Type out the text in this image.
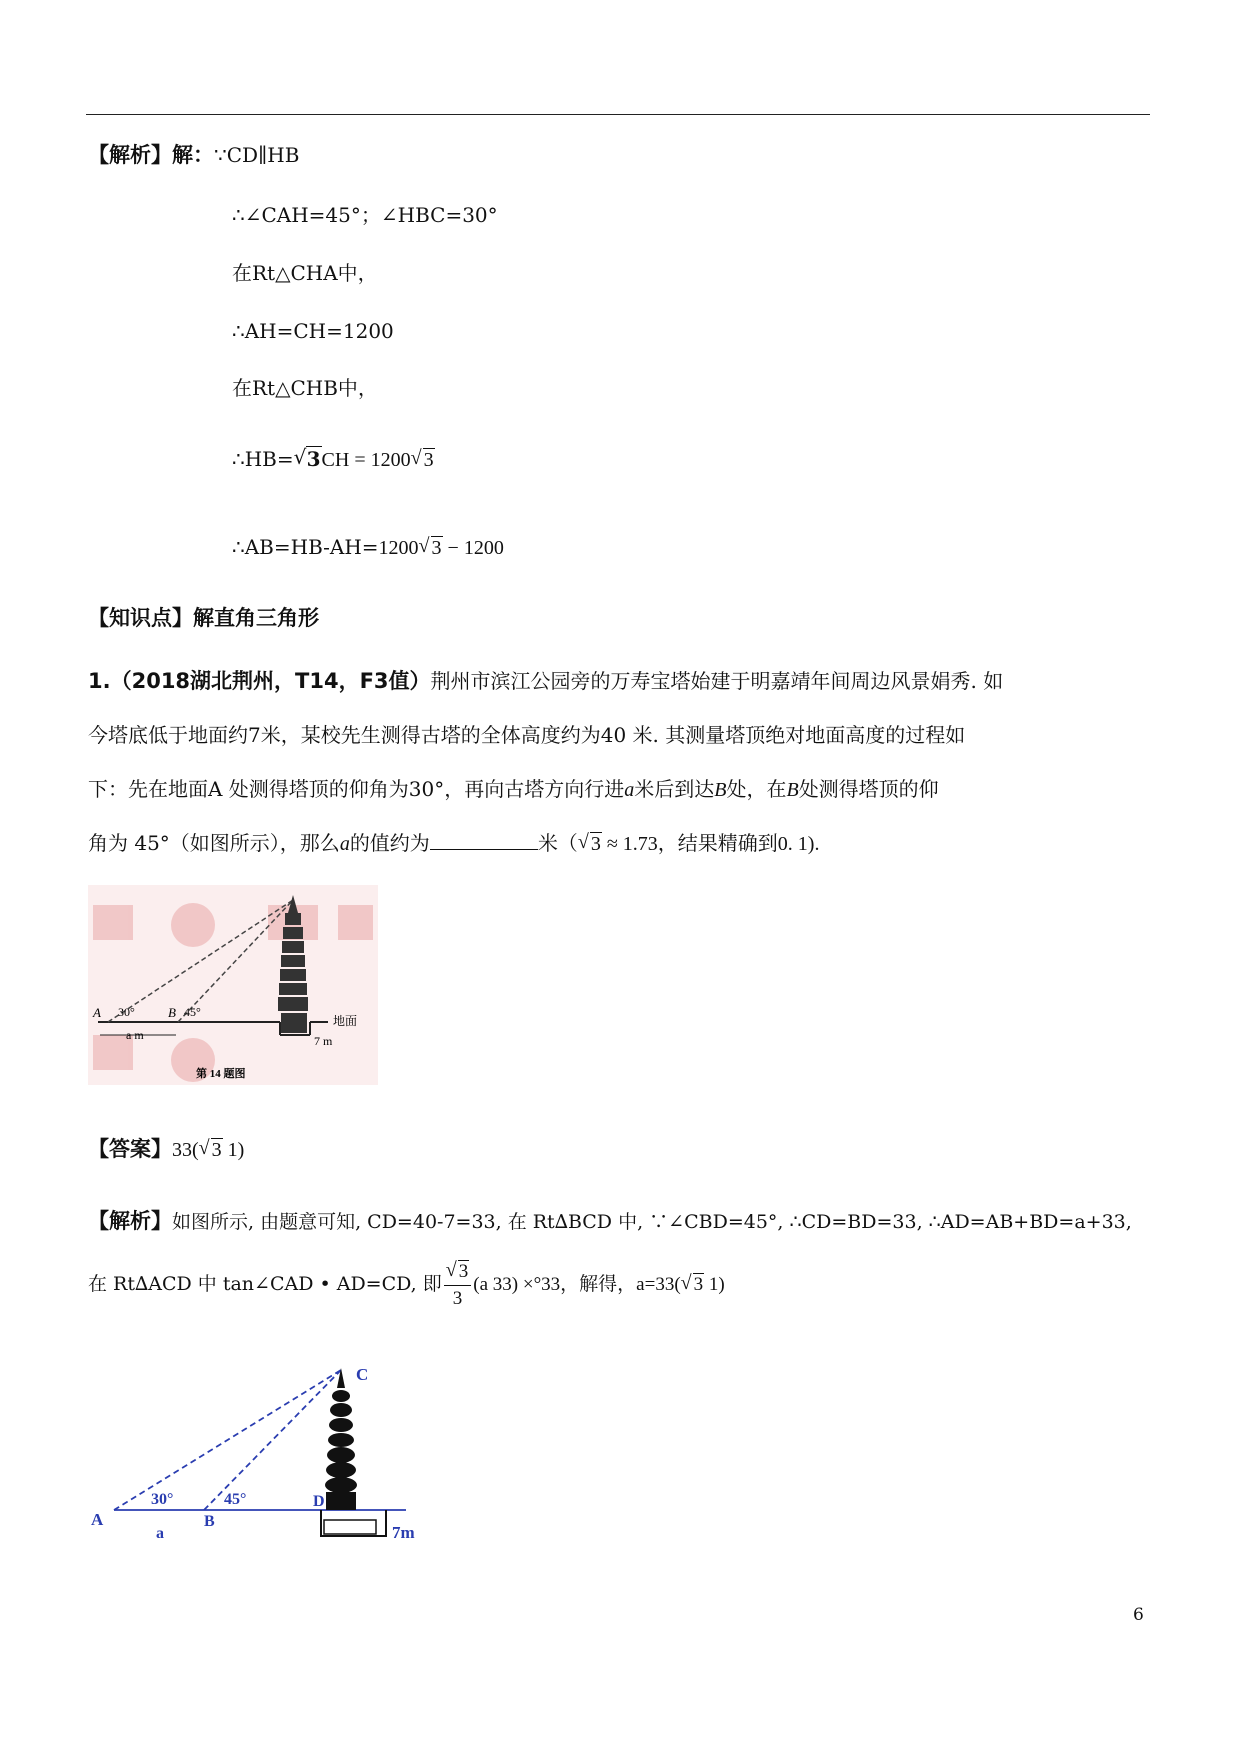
【解析】解：∵CD∥HB
∴∠CAH=45°；∠HBC=30°
在Rt△CHA中，
∴AH=CH=1200
在Rt△CHB中，
∴HB= √ 3CH = 1200 √ 3
∴AB=HB-AH=1200 √ 3 − 1200
【知识点】解直角三角形
1.（2018湖北荆州，T14，F3值）荆州市滨江公园旁的万寿宝塔始建于明嘉靖年间周边风景娟秀. 如
今塔底低于地面约7米，某校先生测得古塔的全体高度约为40 米. 其测量塔顶绝对地面高度的过程如
下：先在地面A 处测得塔顶的仰角为30°，再向古塔方向行进a米后到达B处，在B处测得塔顶的仰
角为 45°（如图所示），那么a的值约为	米（ √ 3 ≈ 1.73，结果精确到0. 1).
A 30°	B 45°
a m
地面
7 m
第 14 题图
【答案】33( √ 3 1)
【解析】如图所示, 由题意可知, CD=40-7=33, 在 Rt∆BCD 中, ∵∠CBD=45°, ∴CD=BD=33, ∴AD=AB+BD=a+33,
在 Rt∆ACD 中 tan∠CAD • AD=CD, 即 $\frac{√ 3}{3} (a$ 33) ×°33，解得，a=33( √ 3 1)
C
A
30°
a
B
45°	D
7m
6
